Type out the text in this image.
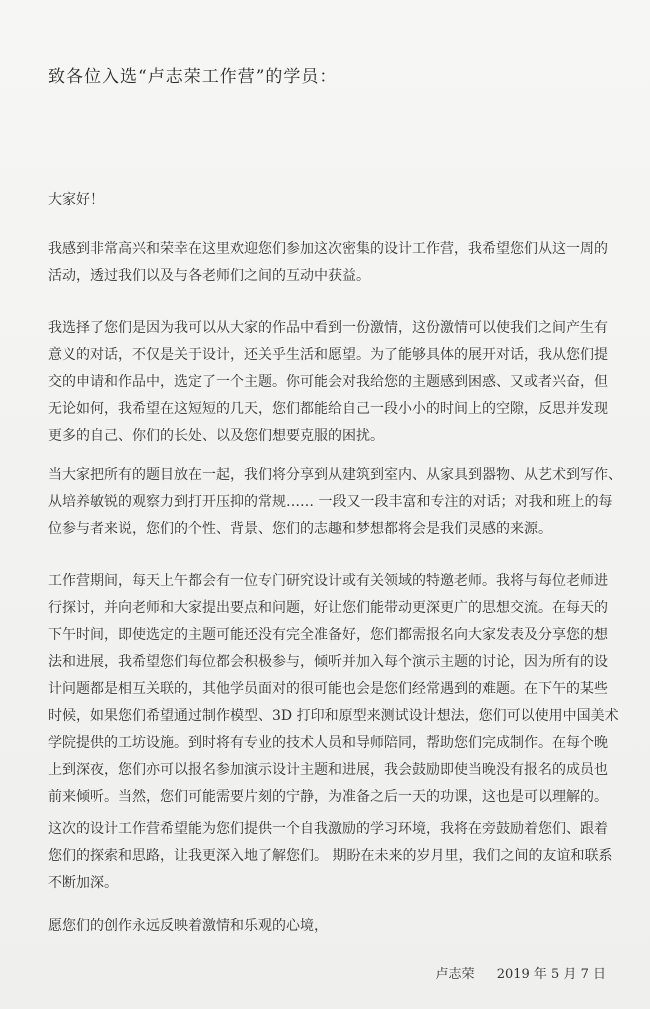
致各位入选“卢志荣工作营”的学员：
大家好！
我感到非常高兴和荣幸在这里欢迎您们参加这次密集的设计工作营，我希望您们从这一周的
活动，透过我们以及与各老师们之间的互动中获益。
我选择了您们是因为我可以从大家的作品中看到一份激情，这份激情可以使我们之间产生有
意义的对话，不仅是关于设计，还关乎生活和愿望。为了能够具体的展开对话，我从您们提
交的申请和作品中，选定了一个主题。你可能会对我给您的主题感到困惑、又或者兴奋，但
无论如何，我希望在这短短的几天，您们都能给自己一段小小的时间上的空隙，反思并发现
更多的自己、你们的长处、以及您们想要克服的困扰。
当大家把所有的题目放在一起，我们将分享到从建筑到室内、从家具到器物、从艺术到写作、
从培养敏锐的观察力到打开压抑的常规…… 一段又一段丰富和专注的对话；对我和班上的每
位参与者来说，您们的个性、背景、您们的志趣和梦想都将会是我们灵感的来源。
工作营期间，每天上午都会有一位专门研究设计或有关领域的特邀老师。我将与每位老师进
行探讨，并向老师和大家提出要点和问题，好让您们能带动更深更广的思想交流。在每天的
下午时间，即使选定的主题可能还没有完全准备好，您们都需报名向大家发表及分享您的想
法和进展，我希望您们每位都会积极参与，倾听并加入每个演示主题的讨论，因为所有的设
计问题都是相互关联的，其他学员面对的很可能也会是您们经常遇到的难题。在下午的某些
时候，如果您们希望通过制作模型、3D 打印和原型来测试设计想法，您们可以使用中国美术
学院提供的工坊设施。到时将有专业的技术人员和导师陪同，帮助您们完成制作。在每个晚
上到深夜，您们亦可以报名参加演示设计主题和进展，我会鼓励即使当晚没有报名的成员也
前来倾听。当然，您们可能需要片刻的宁静，为准备之后一天的功课，这也是可以理解的。
这次的设计工作营希望能为您们提供一个自我激励的学习环境，我将在旁鼓励着您们、跟着
您们的探索和思路，让我更深入地了解您们。 期盼在未来的岁月里，我们之间的友谊和联系
不断加深。
愿您们的创作永远反映着激情和乐观的心境，
卢志荣 2019 年 5 月 7 日
